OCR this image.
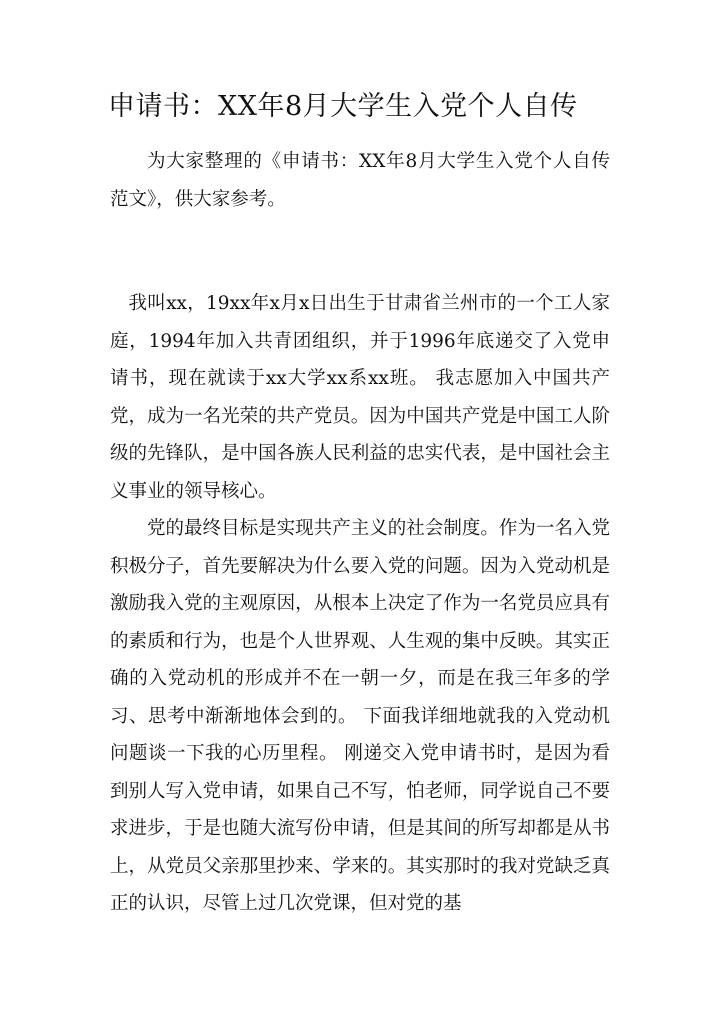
申请书：XX年8月大学生入党个人自传

为大家整理的《申请书：XX年8月大学生入党个人自传范文》，供大家参考。

我叫xx，19xx年x月x日出生于甘肃省兰州市的一个工人家庭，1994年加入共青团组织，并于1996年底递交了入党申请书，现在就读于xx大学xx系xx班。 我志愿加入中国共产党，成为一名光荣的共产党员。因为中国共产党是中国工人阶级的先锋队，是中国各族人民利益的忠实代表，是中国社会主义事业的领导核心。

党的最终目标是实现共产主义的社会制度。作为一名入党积极分子，首先要解决为什么要入党的问题。因为入党动机是激励我入党的主观原因，从根本上决定了作为一名党员应具有的素质和行为，也是个人世界观、人生观的集中反映。其实正确的入党动机的形成并不在一朝一夕，而是在我三年多的学习、思考中渐渐地体会到的。 下面我详细地就我的入党动机问题谈一下我的心历里程。 刚递交入党申请书时，是因为看到别人写入党申请，如果自己不写，怕老师，同学说自己不要求进步，于是也随大流写份申请，但是其间的所写却都是从书上，从党员父亲那里抄来、学来的。其实那时的我对党缺乏真正的认识，尽管上过几次党课，但对党的基
